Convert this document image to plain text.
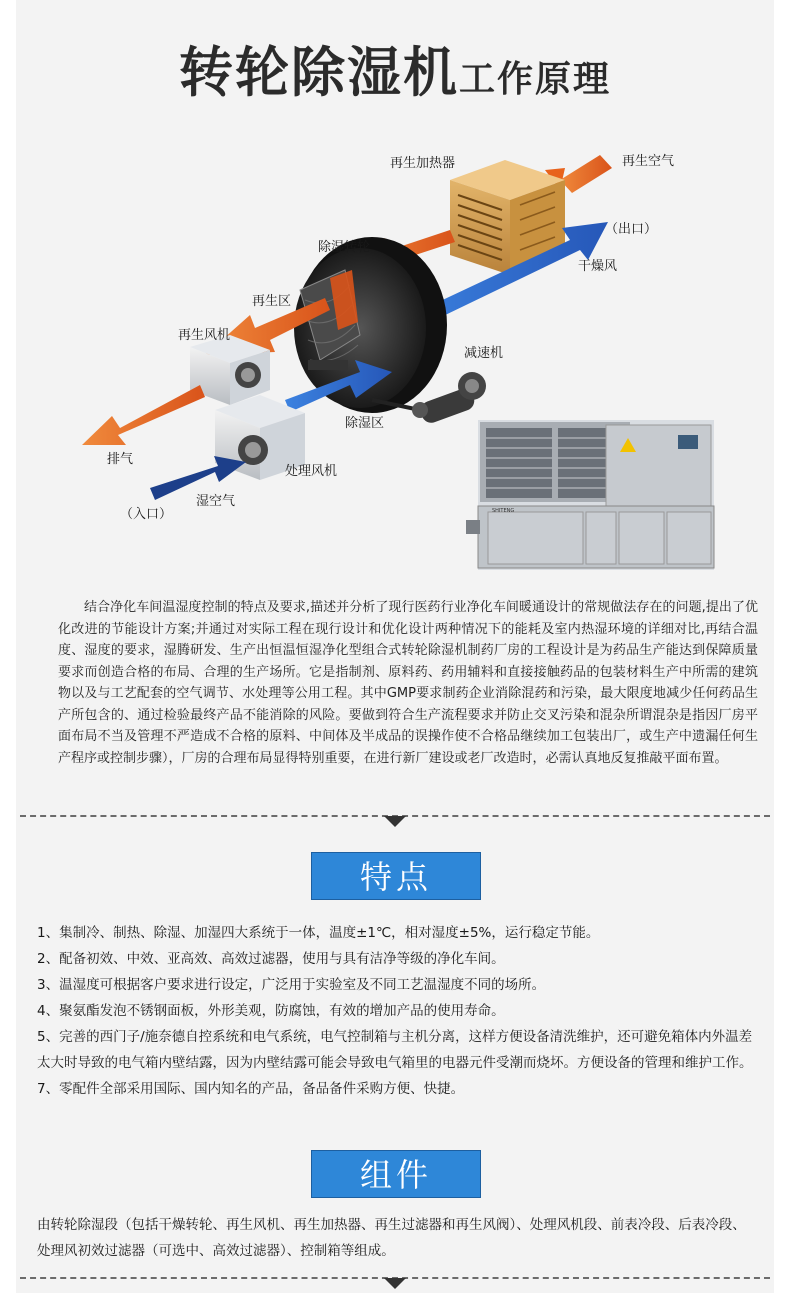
转轮除湿机工作原理
SHITENG
再生加热器	再生空气
（出口）
干燥风
除湿转轮
再生区
再生风机
减速机
除湿区
排气
处理风机
（入口）
湿空气

结合净化车间温湿度控制的特点及要求,描述并分析了现行医药行业净化车间暖通设计的常规做法存在的问题,提出了优化改进的节能设计方案;并通过对实际工程在现行设计和优化设计两种情况下的能耗及室内热湿环境的详细对比,再结合温度、湿度的要求，湿腾研发、生产出恒温恒湿净化型组合式转轮除湿机制药厂房的工程设计是为药品生产能达到保障质量要求而创造合格的布局、合理的生产场所。它是指制剂、原料药、药用辅料和直接接触药品的包装材料生产中所需的建筑物以及与工艺配套的空气调节、水处理等公用工程。其中GMP要求制药企业消除混药和污染，最大限度地减少任何药品生产所包含的、通过检验最终产品不能消除的风险。要做到符合生产流程要求并防止交叉污染和混杂所谓混杂是指因厂房平面布局不当及管理不严造成不合格的原料、中间体及半成品的误操作使不合格品继续加工包装出厂，或生产中遗漏任何生产程序或控制步骤），厂房的合理布局显得特别重要，在进行新厂建设或老厂改造时，必需认真地反复推敲平面布置。

特点
1、集制冷、制热、除湿、加湿四大系统于一体，温度±1℃，相对湿度±5%，运行稳定节能。
2、配备初效、中效、亚高效、高效过滤器，使用与具有洁净等级的净化车间。
3、温湿度可根据客户要求进行设定，广泛用于实验室及不同工艺温湿度不同的场所。
4、聚氨酯发泡不锈钢面板，外形美观，防腐蚀，有效的增加产品的使用寿命。
5、完善的西门子/施奈德自控系统和电气系统，电气控制箱与主机分离，这样方便设备清洗维护，还可避免箱体内外温差太大时导致的电气箱内壁结露，因为内壁结露可能会导致电气箱里的电器元件受潮而烧坏。方便设备的管理和维护工作。
7、零配件全部采用国际、国内知名的产品，备品备件采购方便、快捷。
组件
由转轮除湿段（包括干燥转轮、再生风机、再生加热器、再生过滤器和再生风阀）、处理风机段、前表冷段、后表冷段、处理风初效过滤器（可选中、高效过滤器）、控制箱等组成。
